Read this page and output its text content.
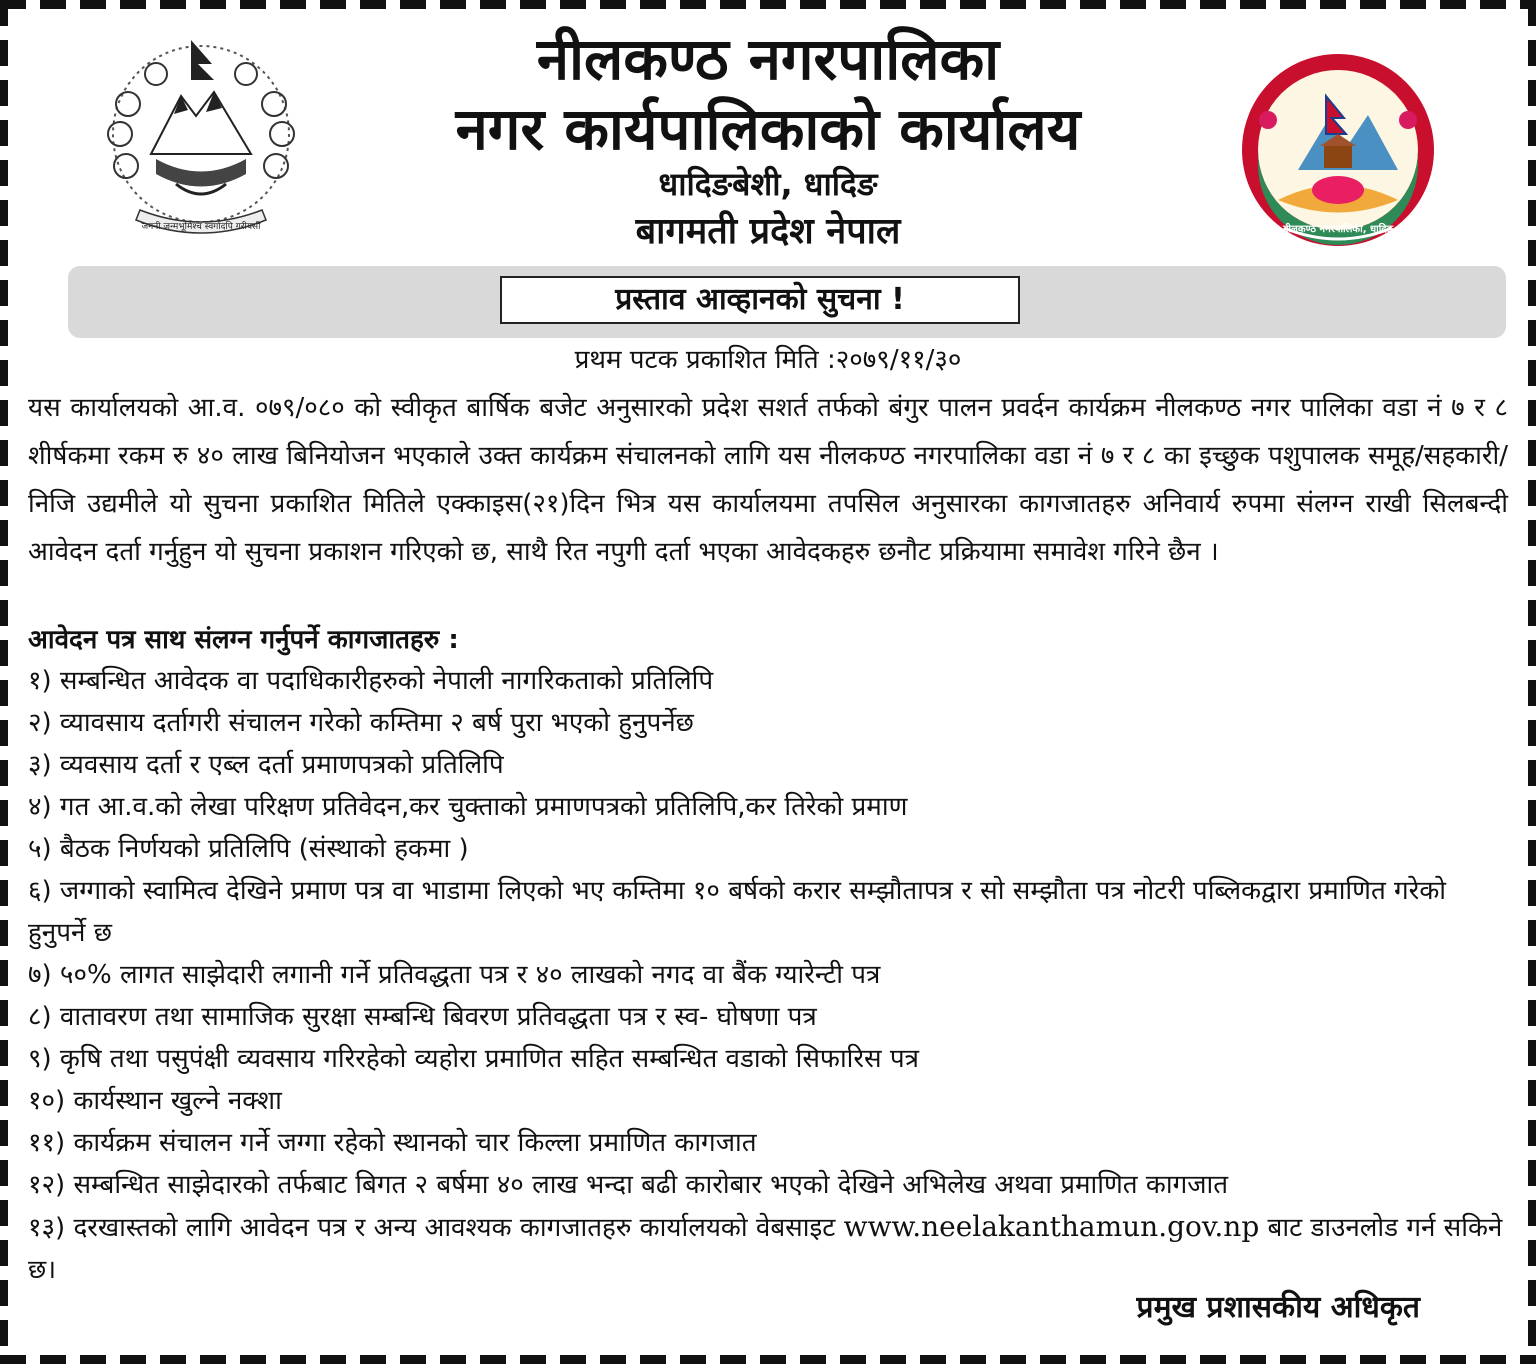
जननी जन्मभूमिश्च स्वर्गादपि गरीयसी
नीलकण्ठ नगरपालिका
नगर कार्यपालिकाको कार्यालय
धादिङबेशी, धादिङ
बागमती प्रदेश नेपाल	नीलकण्ठ नगरपालिका, धादिङ
प्रस्ताव आव्हानको सुचना !
प्रथम पटक प्रकाशित मिति :२०७९/११/३०
यस कार्यालयको आ.व. ०७९/०८० को स्वीकृत बार्षिक बजेट अनुसारको प्रदेश सशर्त तर्फको बंगुर पालन प्रवर्दन कार्यक्रम नीलकण्ठ नगर पालिका वडा नं ७ र ८ शीर्षकमा रकम रु ४० लाख बिनियोजन भएकाले उक्त कार्यक्रम संचालनको लागि यस नीलकण्ठ नगरपालिका वडा नं ७ र ८ का इच्छुक पशुपालक समूह/सहकारी/निजि उद्यमीले यो सुचना प्रकाशित मितिले एक्काइस(२१)दिन भित्र यस कार्यालयमा तपसिल अनुसारका कागजातहरु अनिवार्य रुपमा संलग्न राखी सिलबन्दी आवेदन दर्ता गर्नुहुन यो सुचना प्रकाशन गरिएको छ, साथै रित नपुगी दर्ता भएका आवेदकहरु छनौट प्रक्रियामा समावेश गरिने छैन ।
आवेदन पत्र साथ संलग्न गर्नुपर्ने कागजातहरु :
१) सम्बन्धित आवेदक वा पदाधिकारीहरुको नेपाली नागरिकताको प्रतिलिपि
२) व्यावसाय दर्तागरी संचालन गरेको कम्तिमा २ बर्ष पुरा भएको हुनुपर्नेछ
३) व्यवसाय दर्ता र एब्ल दर्ता प्रमाणपत्रको प्रतिलिपि
४) गत आ.व.को लेखा परिक्षण प्रतिवेदन,कर चुक्ताको प्रमाणपत्रको प्रतिलिपि,कर तिरेको प्रमाण
५) बैठक निर्णयको प्रतिलिपि (संस्थाको हकमा )
६) जग्गाको स्वामित्व देखिने प्रमाण पत्र वा भाडामा लिएको भए कम्तिमा १० बर्षको करार सम्झौतापत्र र सो सम्झौता पत्र नोटरी पब्लिकद्वारा प्रमाणित गरेको हुनुपर्ने छ
७) ५०% लागत साझेदारी लगानी गर्ने प्रतिवद्धता पत्र र ४० लाखको नगद वा बैंक ग्यारेन्टी पत्र
८) वातावरण तथा सामाजिक सुरक्षा सम्बन्धि बिवरण प्रतिवद्धता पत्र र स्व- घोषणा पत्र
९) कृषि तथा पसुपंक्षी व्यवसाय गरिरहेको व्यहोरा प्रमाणित सहित सम्बन्धित वडाको सिफारिस पत्र
१०) कार्यस्थान खुल्ने नक्शा
११) कार्यक्रम संचालन गर्ने जग्गा रहेको स्थानको चार किल्ला प्रमाणित कागजात
१२) सम्बन्धित साझेदारको तर्फबाट बिगत २ बर्षमा ४० लाख भन्दा बढी कारोबार भएको देखिने अभिलेख अथवा प्रमाणित कागजात
१३) दरखास्तको लागि आवेदन पत्र र अन्य आवश्यक कागजातहरु कार्यालयको वेबसाइट www.neelakanthamun.gov.np बाट डाउनलोड गर्न सकिने छ।
प्रमुख प्रशासकीय अधिकृत
